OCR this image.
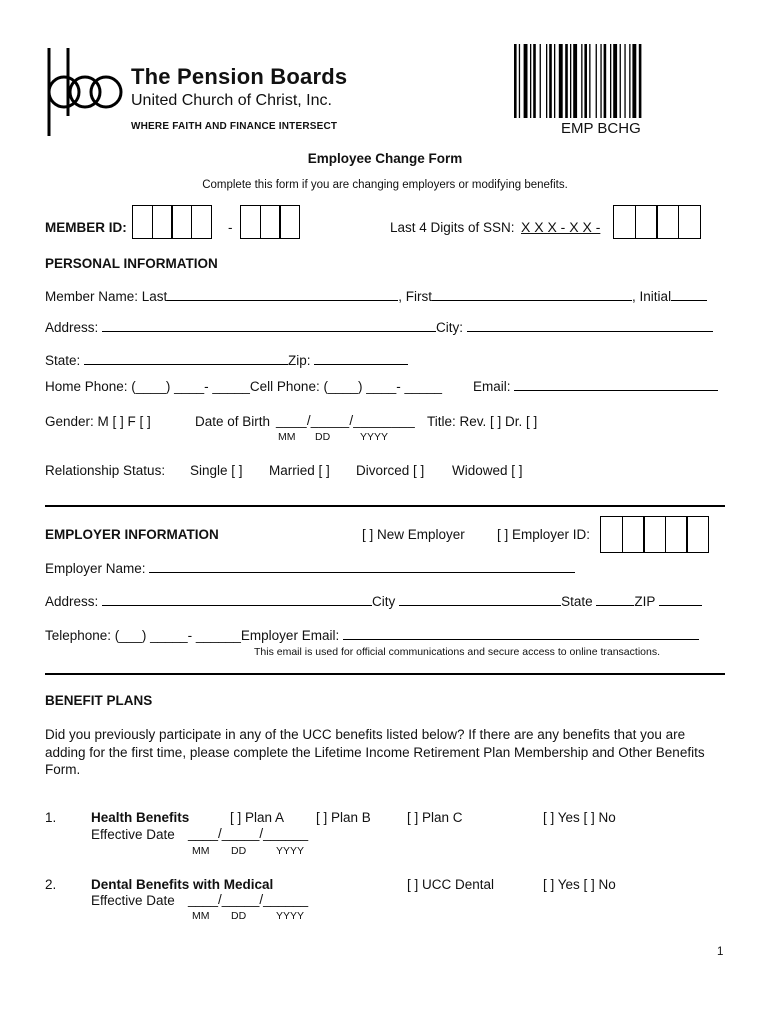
The Pension Boards
United Church of Christ, Inc.
WHERE FAITH AND FINANCE INTERSECT	EMP BCHG
Employee Change Form
Complete this form if you are changing employers or modifying benefits.
MEMBER ID:	-	Last 4 Digits of SSN: X X X - X X -
PERSONAL INFORMATION
Member Name: Last	, First	, Initial
Address:	City:
State:	Zip:
Home Phone: (____) ____- _____Cell Phone: (____) ____- _____ Email:
Gender: M [ ] F [ ]	Date of Birth ____/_____/________
MM DD	YYYY
Title: Rev. [ ] Dr. [ ]
Relationship Status: Single [ ] Married [ ] Divorced [ ] Widowed [ ]
EMPLOYER INFORMATION	[ ] New Employer [ ] Employer ID:
Employer Name:
Address:	City	State	ZIP
Telephone: (___) _____- ______Employer Email:
This email is used for official communications and secure access to online transactions.
BENEFIT PLANS
Did you previously participate in any of the UCC benefits listed below? If there are any benefits that you are adding for the first time, please complete the Lifetime Income Retirement Plan Membership and Other Benefits Form.
1.	Health Benefits
Effective Date ____/_____/______
MM DD	YYYY
[ ] Plan A [ ] Plan B	[ ] Plan C	[ ] Yes [ ] No
2.	Dental Benefits with Medical
Effective Date ____/_____/______
MM DD	YYYY
[ ] UCC Dental	[ ] Yes [ ] No
1
